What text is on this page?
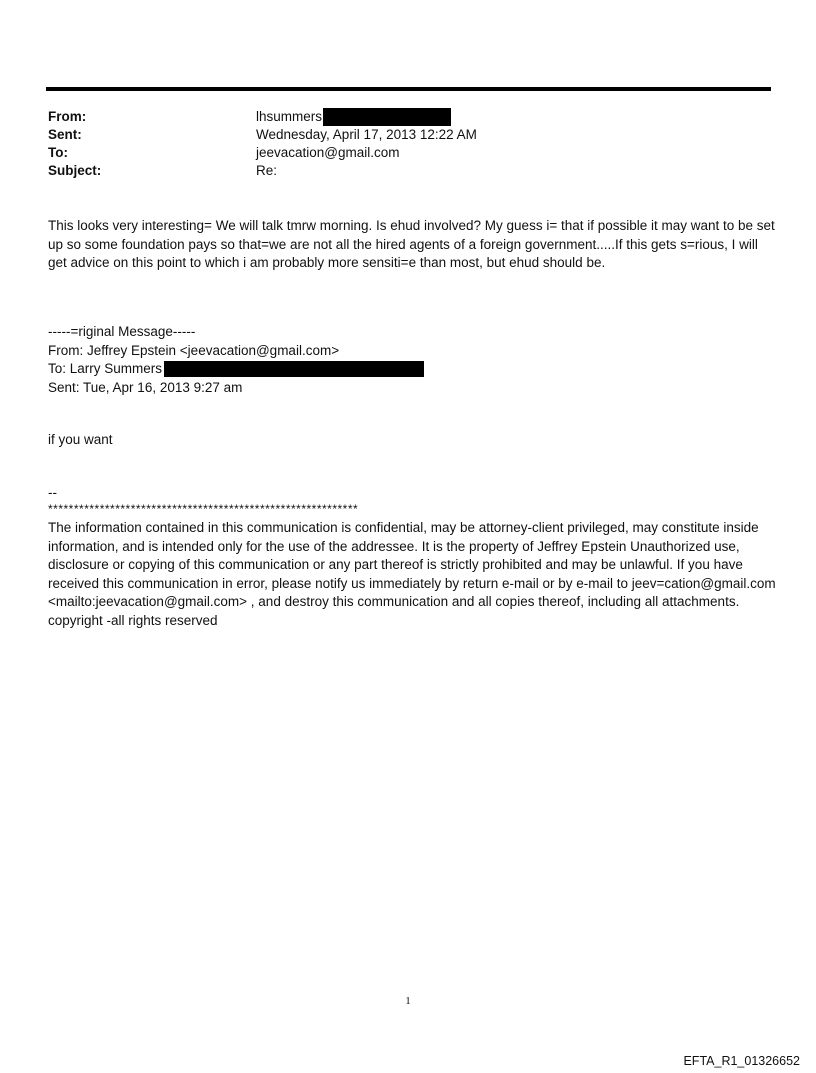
From:	lhsummers
Sent:	Wednesday, April 17, 2013 12:22 AM
To:	jeevacation@gmail.com
Subject:	Re:

This looks very interesting= We will talk tmrw morning. Is ehud involved? My guess i= that if possible it may want to be set up so some foundation pays so that=we are not all the hired agents of a foreign government.....If this gets s=rious, I will get advice on this point to which i am probably more sensiti=e than most, but ehud should be.

-----=riginal Message-----
From: Jeffrey Epstein <jeevacation@gmail.com>
To: Larry Summers
Sent: Tue, Apr 16, 2013 9:27 am
if you want
--
************************************************************

The information contained in this communication is confidential, may be attorney-client privileged, may constitute inside information, and is intended only for the use of the addressee. It is the property of Jeffrey Epstein Unauthorized use, disclosure or copying of this communication or any part thereof is strictly prohibited and may be unlawful. If you have received this communication in error, please notify us immediately by return e-mail or by e-mail to jeev=cation@gmail.com <mailto:jeevacation@gmail.com> , and destroy this communication and all copies thereof, including all attachments. copyright -all rights reserved

1
EFTA_R1_01326652
